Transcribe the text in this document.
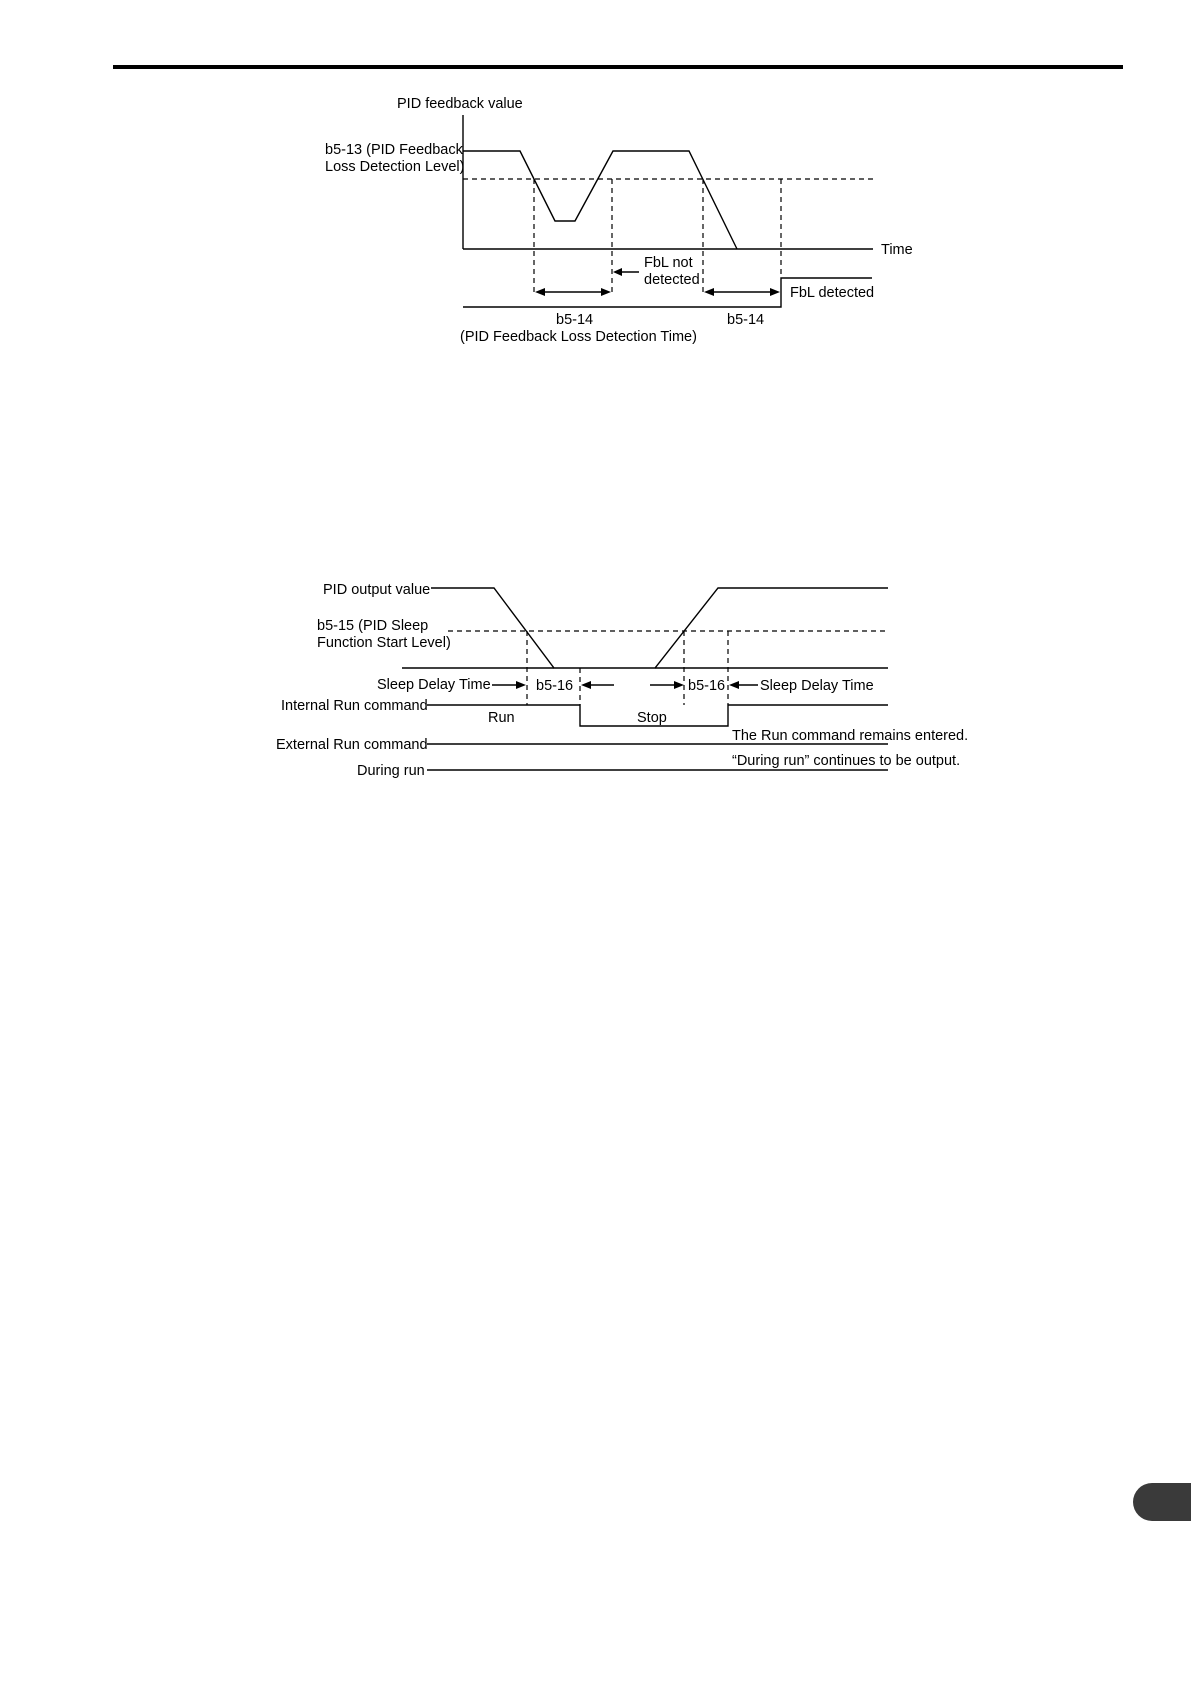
PID feedback value
b5-13 (PID Feedback
Loss Detection Level)
Time
FbL not
detected
FbL detected
b5-14	b5-14
(PID Feedback Loss Detection Time)
PID output value
b5-15 (PID Sleep
Function Start Level)
Sleep Delay Time	b5-16	b5-16 Sleep Delay Time
Internal Run command
Run	Stop
External Run command
The Run command remains entered.
During run
“During run” continues to be output.
